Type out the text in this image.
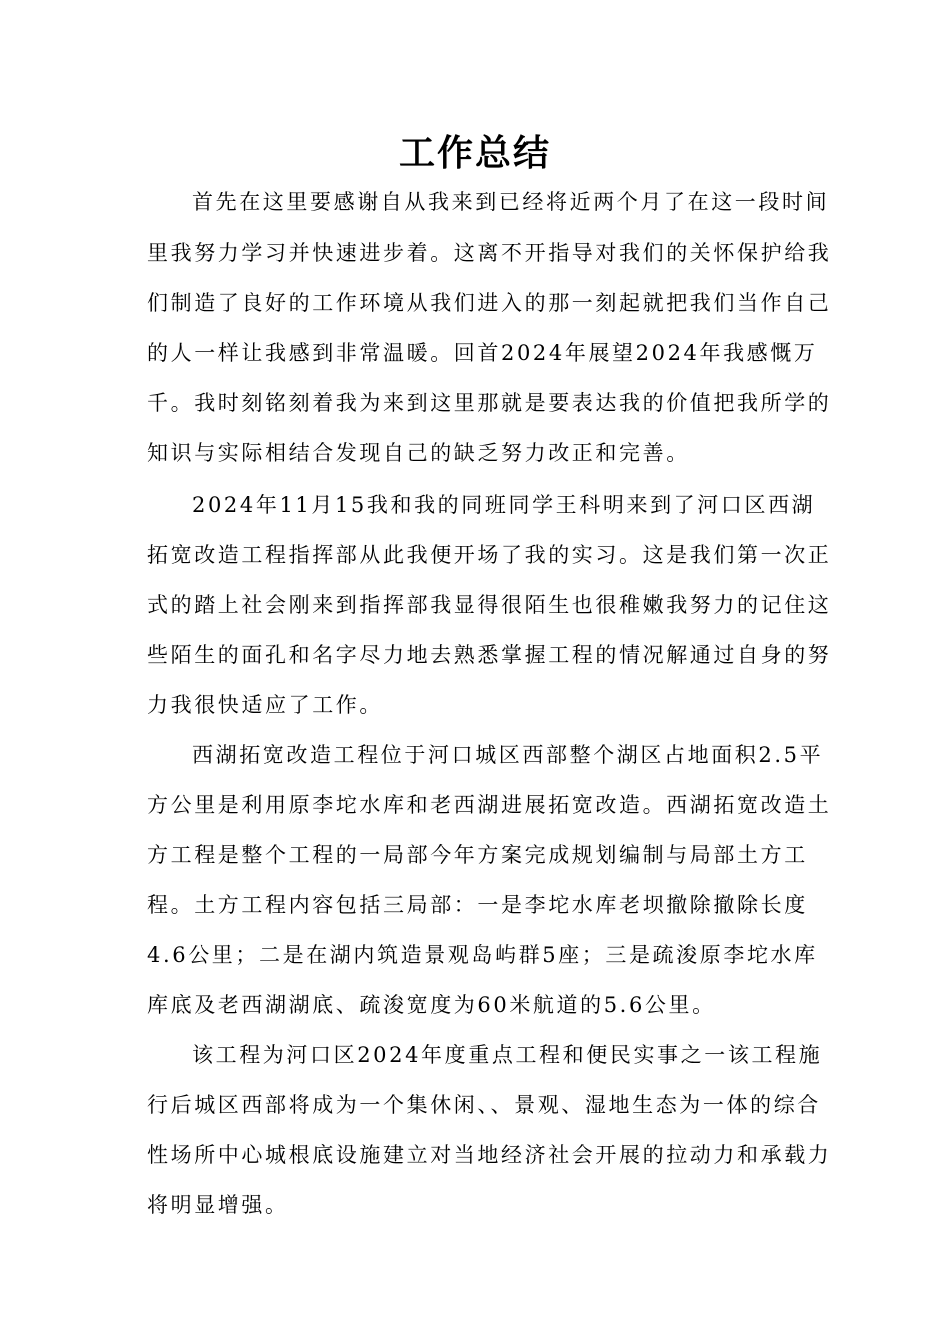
工作总结
首先在这里要感谢自从我来到已经将近两个月了在这一段时间
里我努力学习并快速进步着。这离不开指导对我们的关怀保护给我
们制造了良好的工作环境从我们进入的那一刻起就把我们当作自己
的人一样让我感到非常温暖。回首2024年展望2024年我感慨万
千。我时刻铭刻着我为来到这里那就是要表达我的价值把我所学的
知识与实际相结合发现自己的缺乏努力改正和完善。
2024年11月15我和我的同班同学王科明来到了河口区西湖
拓宽改造工程指挥部从此我便开场了我的实习。这是我们第一次正
式的踏上社会刚来到指挥部我显得很陌生也很稚嫩我努力的记住这
些陌生的面孔和名字尽力地去熟悉掌握工程的情况解通过自身的努
力我很快适应了工作。
西湖拓宽改造工程位于河口城区西部整个湖区占地面积2.5平
方公里是利用原李坨水库和老西湖进展拓宽改造。西湖拓宽改造土
方工程是整个工程的一局部今年方案完成规划编制与局部土方工
程。土方工程内容包括三局部：一是李坨水库老坝撤除撤除长度
4.6公里；二是在湖内筑造景观岛屿群5座；三是疏浚原李坨水库
库底及老西湖湖底、疏浚宽度为60米航道的5.6公里。
该工程为河口区2024年度重点工程和便民实事之一该工程施
行后城区西部将成为一个集休闲、、景观、湿地生态为一体的综合
性场所中心城根底设施建立对当地经济社会开展的拉动力和承载力
将明显增强。
